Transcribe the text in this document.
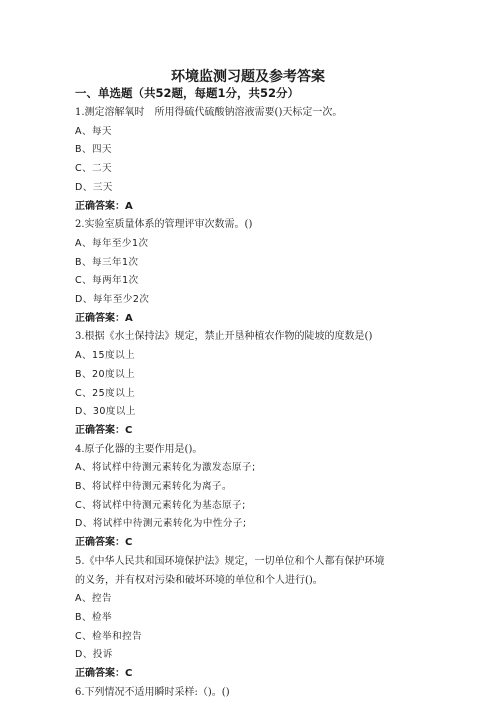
环境监测习题及参考答案
一、单选题（共52题，每题1分，共52分）
1.测定溶解氧时　所用得硫代硫酸钠溶液需要()天标定一次。
A、每天
B、四天
C、二天
D、三天
正确答案：A
2.实验室质量体系的管理评审次数需。()
A、每年至少1次
B、每三年1次
C、每两年1次
D、每年至少2次
正确答案：A
3.根据《水土保持法》规定，禁止开垦种植农作物的陡坡的度数是()
A、15度以上
B、20度以上
C、25度以上
D、30度以上
正确答案：C
4.原子化器的主要作用是()。
A、将试样中待测元素转化为激发态原子;
B、将试样中待测元素转化为离子。
C、将试样中待测元素转化为基态原子;
D、将试样中待测元素转化为中性分子;
正确答案：C
5.《中华人民共和国环境保护法》规定，一切单位和个人都有保护环境
的义务，并有权对污染和破坏环境的单位和个人进行()。
A、控告
B、检举
C、检举和控告
D、投诉
正确答案：C
6.下列情况不适用瞬时采样:（)。()
